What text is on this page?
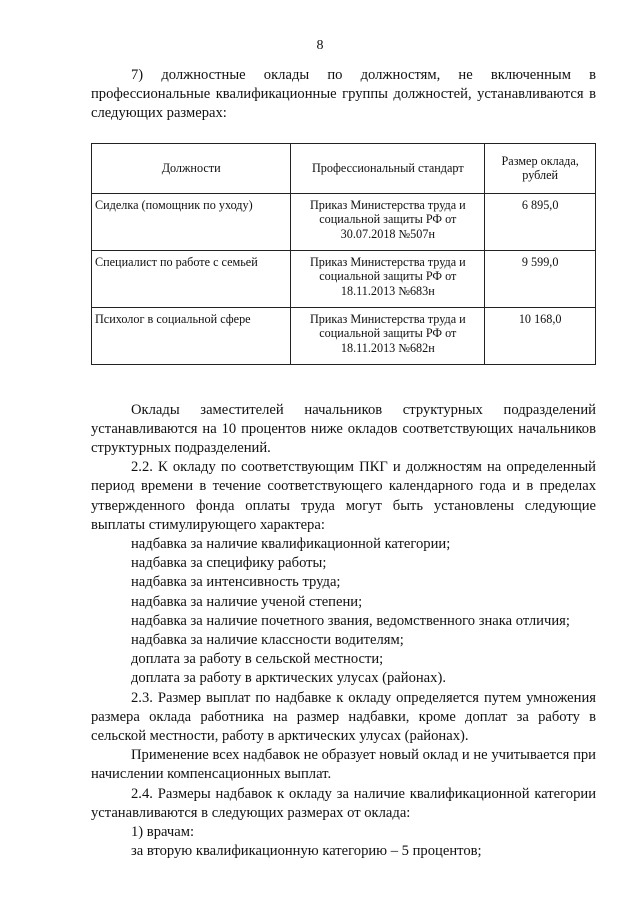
8

7) должностные оклады по должностям, не включенным в профессиональные квалификационные группы должностей, устанавливаются в следующих размерах:

Должности	Профессиональный стандарт	Размер оклада, рублей
Сиделка (помощник по уходу)	Приказ Министерства труда и социальной защиты РФ от 30.07.2018 №507н	6 895,0
Специалист по работе с семьей	Приказ Министерства труда и социальной защиты РФ от 18.11.2013 №683н	9 599,0
Психолог в социальной сфере	Приказ Министерства труда и социальной защиты РФ от 18.11.2013 №682н	10 168,0

Оклады заместителей начальников структурных подразделений устанавливаются на 10 процентов ниже окладов соответствующих начальников структурных подразделений.

2.2. К окладу по соответствующим ПКГ и должностям на определенный период времени в течение соответствующего календарного года и в пределах утвержденного фонда оплаты труда могут быть установлены следующие выплаты стимулирующего характера:

надбавка за наличие квалификационной категории;

надбавка за специфику работы;

надбавка за интенсивность труда;

надбавка за наличие ученой степени;

надбавка за наличие почетного звания, ведомственного знака отличия;

надбавка за наличие классности водителям;

доплата за работу в сельской местности;

доплата за работу в арктических улусах (районах).

2.3. Размер выплат по надбавке к окладу определяется путем умножения размера оклада работника на размер надбавки, кроме доплат за работу в сельской местности, работу в арктических улусах (районах).

Применение всех надбавок не образует новый оклад и не учитывается при начислении компенсационных выплат.

2.4. Размеры надбавок к окладу за наличие квалификационной категории устанавливаются в следующих размерах от оклада:

1) врачам:

за вторую квалификационную категорию – 5 процентов;
